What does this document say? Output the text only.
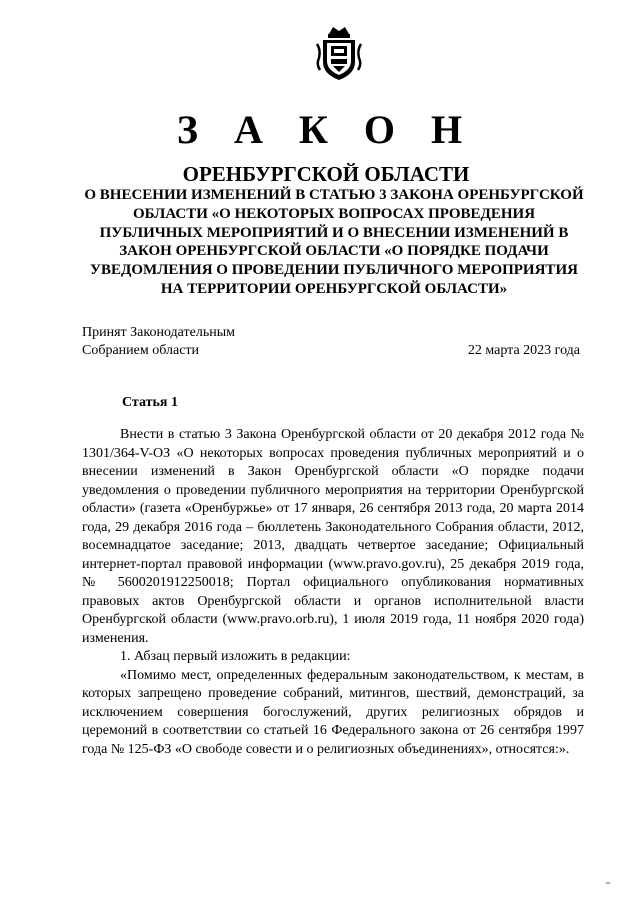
З А К О Н
ОРЕНБУРГСКОЙ ОБЛАСТИ
О ВНЕСЕНИИ ИЗМЕНЕНИЙ В СТАТЬЮ 3 ЗАКОНА ОРЕНБУРГСКОЙ ОБЛАСТИ «О НЕКОТОРЫХ ВОПРОСАХ ПРОВЕДЕНИЯ ПУБЛИЧНЫХ МЕРОПРИЯТИЙ И О ВНЕСЕНИИ ИЗМЕНЕНИЙ В ЗАКОН ОРЕНБУРГСКОЙ ОБЛАСТИ «О ПОРЯДКЕ ПОДАЧИ УВЕДОМЛЕНИЯ О ПРОВЕДЕНИИ ПУБЛИЧНОГО МЕРОПРИЯТИЯ НА ТЕРРИТОРИИ ОРЕНБУРГСКОЙ ОБЛАСТИ»
Принят Законодательным
Собранием области	22 марта 2023 года
Статья 1

Внести в статью 3 Закона Оренбургской области от 20 декабря 2012 года № 1301/364-V-ОЗ «О некоторых вопросах проведения публичных мероприятий и о внесении изменений в Закон Оренбургской области «О порядке подачи уведомления о проведении публичного мероприятия на территории Оренбургской области» (газета «Оренбуржье» от 17 января, 26 сентября 2013 года, 20 марта 2014 года, 29 декабря 2016 года – бюллетень Законодательного Собрания области, 2012, восемнадцатое заседание; 2013, двадцать четвертое заседание; Официальный интернет-портал правовой информации (www.pravo.gov.ru), 25 декабря 2019 года, № 5600201912250018; Портал официального опубликования нормативных правовых актов Оренбургской области и органов исполнительной власти Оренбургской области (www.pravo.orb.ru), 1 июля 2019 года, 11 ноября 2020 года) изменения.

1. Абзац первый изложить в редакции:

«Помимо мест, определенных федеральным законодательством, к местам, в которых запрещено проведение собраний, митингов, шествий, демонстраций, за исключением совершения богослужений, других религиозных обрядов и церемоний в соответствии со статьей 16 Федерального закона от 26 сентября 1997 года № 125-ФЗ «О свободе совести и о религиозных объединениях», относятся:».
